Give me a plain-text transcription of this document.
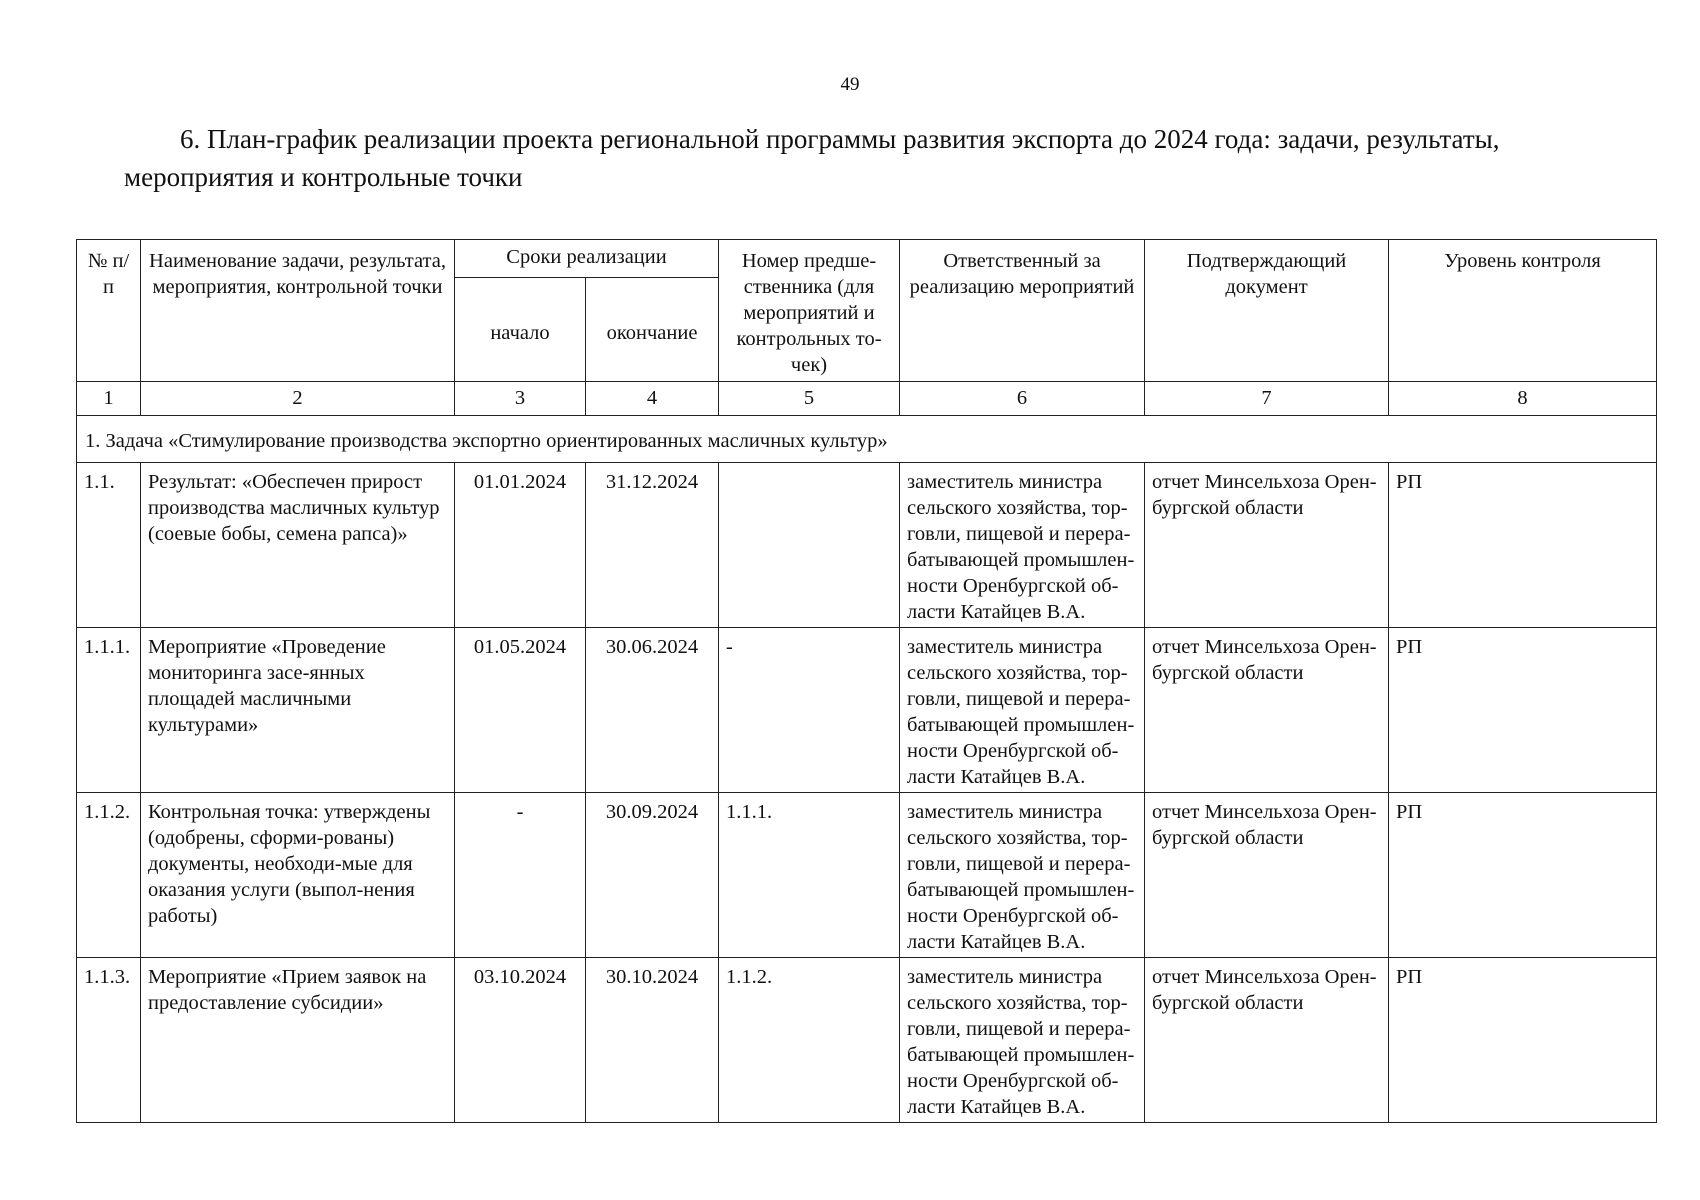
49
6. План-график реализации проекта региональной программы развития экспорта до 2024 года: задачи, результаты, мероприятия и контрольные точки
№ п/п	Наименование задачи, результата, мероприятия, контрольной точки	Сроки реализации		Номер предше-ственника (для мероприятий и контрольных то-чек)	Ответственный за реализацию мероприятий	Подтверждающий документ	Уровень контроля
		начало	окончание				
1	2	3	4	5	6	7	8
1. Задача «Стимулирование производства экспортно ориентированных масличных культур»							
1.1.	Результат: «Обеспечен прирост производства масличных культур (соевые бобы, семена рапса)»	01.01.2024	31.12.2024		заместитель министра сельского хозяйства, тор-говли, пищевой и перера-батывающей промышлен-ности Оренбургской об-ласти Катайцев В.А.	отчет Минсельхоза Орен-бургской области	РП
1.1.1.	Мероприятие «Проведение мониторинга засе-янных площадей масличными культурами»	01.05.2024	30.06.2024	-	заместитель министра сельского хозяйства, тор-говли, пищевой и перера-батывающей промышлен-ности Оренбургской об-ласти Катайцев В.А.	отчет Минсельхоза Орен-бургской области	РП
1.1.2.	Контрольная точка: утверждены (одобрены, сформи-рованы) документы, необходи-мые для оказания услуги (выпол-нения работы)	-	30.09.2024	1.1.1.	заместитель министра сельского хозяйства, тор-говли, пищевой и перера-батывающей промышлен-ности Оренбургской об-ласти Катайцев В.А.	отчет Минсельхоза Орен-бургской области	РП
1.1.3.	Мероприятие «Прием заявок на предоставление субсидии»	03.10.2024	30.10.2024	1.1.2.	заместитель министра сельского хозяйства, тор-говли, пищевой и перера-батывающей промышлен-ности Оренбургской об-ласти Катайцев В.А.	отчет Минсельхоза Орен-бургской области	РП
